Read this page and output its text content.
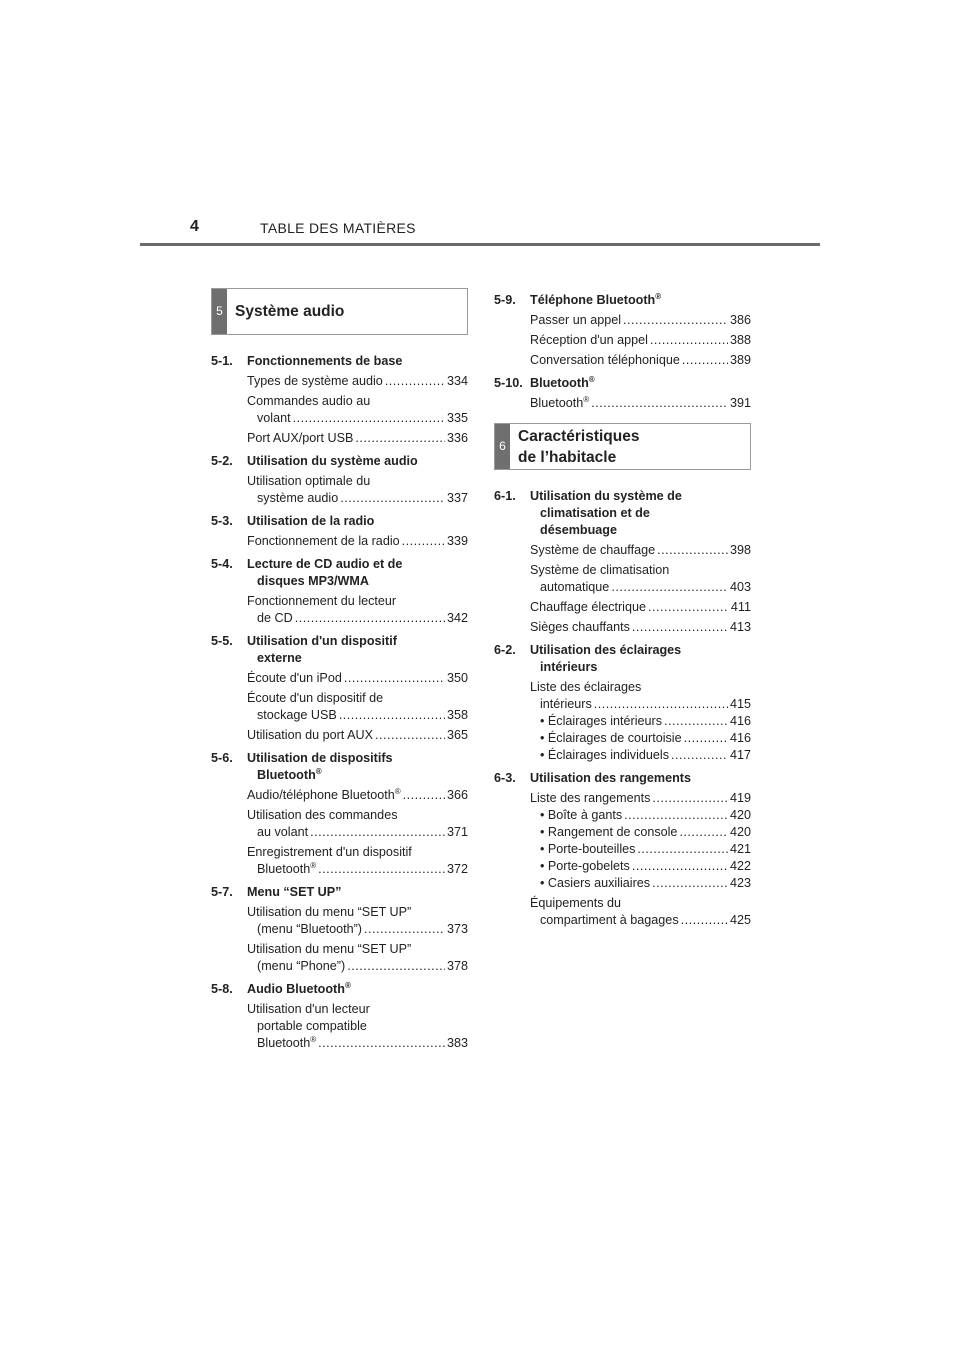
4	TABLE DES MATIÈRES
5 Système audio
5-1.	Fonctionnements de base
Types de système audio .....	334
Commandes audio au
volant .....	335
Port AUX/port USB .....	336
5-2.	Utilisation du système audio
Utilisation optimale du
système audio .....	337
5-3.	Utilisation de la radio
Fonctionnement de la radio .....	339
5-4.	Lecture de CD audio et de
disques MP3/WMA
Fonctionnement du lecteur
de CD .....	342
5-5.	Utilisation d'un dispositif
externe
Écoute d'un iPod .....	350
Écoute d'un dispositif de
stockage USB .....	358
Utilisation du port AUX .....	365
5-6.	Utilisation de dispositifs
Bluetooth®
Audio/téléphone Bluetooth® .....	366
Utilisation des commandes
au volant .....	371
Enregistrement d'un dispositif
Bluetooth® .....	372
5-7.	Menu “SET UP”
Utilisation du menu “SET UP”
(menu “Bluetooth”) .....	373
Utilisation du menu “SET UP”
(menu “Phone”) .....	378
5-8.	Audio Bluetooth®
Utilisation d'un lecteur
portable compatible
Bluetooth® .....	383
5-9.	Téléphone Bluetooth®
Passer un appel .....	386
Réception d'un appel .....	388
Conversation téléphonique .....	389
5-10. Bluetooth®
Bluetooth® .....	391
6
Caractéristiques
de l’habitacle
6-1.	Utilisation du système de
climatisation et de
désembuage
Système de chauffage .....	398
Système de climatisation
automatique .....	403
Chauffage électrique .....	411
Sièges chauffants .....	413
6-2.	Utilisation des éclairages
intérieurs
Liste des éclairages
intérieurs .....	415
• Éclairages intérieurs .....	416
• Éclairages de courtoisie .....	416
• Éclairages individuels .....	417
6-3.	Utilisation des rangements
Liste des rangements .....	419
• Boîte à gants .....	420
• Rangement de console .....	420
• Porte-bouteilles .....	421
• Porte-gobelets .....	422
• Casiers auxiliaires .....	423
Équipements du
compartiment à bagages .....	425
